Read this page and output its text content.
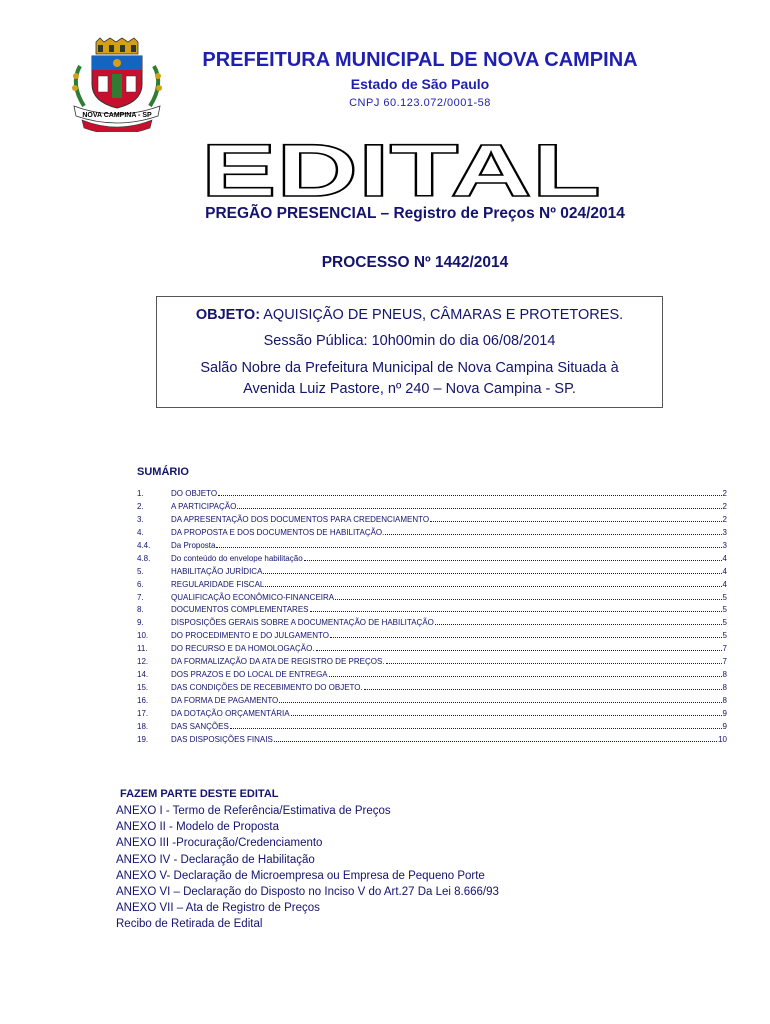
NOVA CAMPINA - SP
PREFEITURA MUNICIPAL DE NOVA CAMPINA
Estado de São Paulo
CNPJ 60.123.072/0001-58
EDITAL
PREGÃO PRESENCIAL – Registro de Preços Nº 024/2014
PROCESSO Nº 1442/2014
OBJETO: AQUISIÇÃO DE PNEUS, CÂMARAS E PROTETORES.
Sessão Pública: 10h00min do dia 06/08/2014
Salão Nobre da Prefeitura Municipal de Nova Campina Situada à
Avenida Luiz Pastore, nº 240 – Nova Campina - SP.
SUMÁRIO
1.	DO OBJETO	2
2.	A PARTICIPAÇÃO	2
3.	DA APRESENTAÇÃO DOS DOCUMENTOS PARA CREDENCIAMENTO	2
4.	DA PROPOSTA E DOS DOCUMENTOS DE HABILITAÇÃO.	3
4.4.	Da Proposta	3
4.8.	Do conteúdo do envelope habilitação	4
5.	HABILITAÇÃO JURÍDICA	4
6.	REGULARIDADE FISCAL	4
7.	QUALIFICAÇÃO ECONÔMICO-FINANCEIRA	5
8.	DOCUMENTOS COMPLEMENTARES	5
9.	DISPOSIÇÕES GERAIS SOBRE A DOCUMENTAÇÃO DE HABILITAÇÃO	5
10.	DO PROCEDIMENTO E DO JULGAMENTO	5
11.	DO RECURSO E DA HOMOLOGAÇÃO.	7
12.	DA FORMALIZAÇÃO DA ATA DE REGISTRO DE PREÇOS.	7
14.	DOS PRAZOS E DO LOCAL DE ENTREGA	8
15.	DAS CONDIÇÕES DE RECEBIMENTO DO OBJETO.	8
16.	DA FORMA DE PAGAMENTO	8
17.	DA DOTAÇÃO ORÇAMENTÁRIA	9
18.	DAS SANÇÕES	9
19.	DAS DISPOSIÇÕES FINAIS	10
FAZEM PARTE DESTE EDITAL
ANEXO I - Termo de Referência/Estimativa de Preços
ANEXO II - Modelo de Proposta
ANEXO III -Procuração/Credenciamento
ANEXO IV - Declaração de Habilitação
ANEXO V- Declaração de Microempresa ou Empresa de Pequeno Porte
ANEXO VI – Declaração do Disposto no Inciso V do Art.27 Da Lei 8.666/93
ANEXO VII – Ata de Registro de Preços
Recibo de Retirada de Edital
